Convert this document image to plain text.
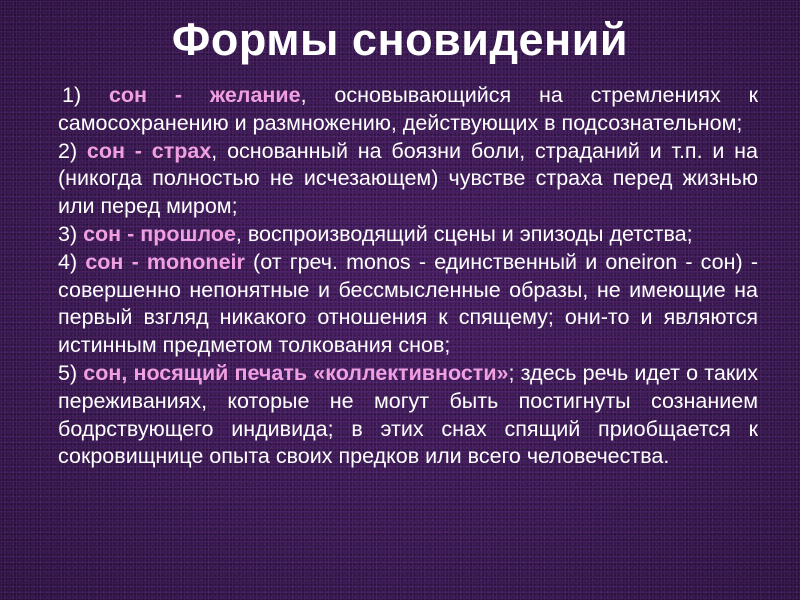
Формы сновидений

1) сон - желание, основывающийся на стремлениях к самосохранению и размножению, действующих в подсознательном;

2) сон - страх, основанный на боязни боли, страданий и т.п. и на (никогда полностью не исчезающем) чувстве страха перед жизнью или перед миром;

3) сон - прошлое, воспроизводящий сцены и эпизоды детства;

4) сон - mononeir (от греч. monos - единственный и oneiron - сон) - совершенно непонятные и бессмысленные образы, не имеющие на первый взгляд никакого отношения к спящему; они-то и являются истинным предметом толкования снов;

5) сон, носящий печать «коллективности»; здесь речь идет о таких переживаниях, которые не могут быть постигнуты сознанием бодрствующего индивида; в этих снах спящий приобщается к сокровищнице опыта своих предков или всего человечества.
